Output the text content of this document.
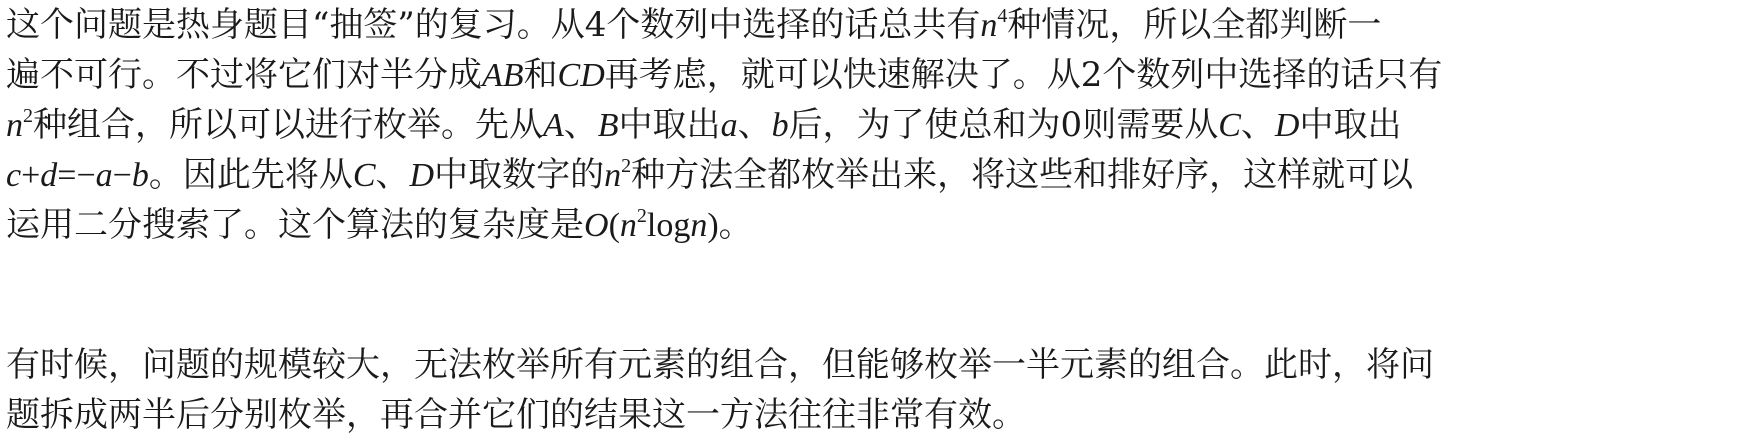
这个问题是热身题目“抽签”的复习。从4个数列中选择的话总共有$n^4$种情况，所以全都判断一
遍不可行。不过将它们对半分成AB和CD再考虑，就可以快速解决了。从2个数列中选择的话只有
$n^2$种组合，所以可以进行枚举。先从A、B中取出a、b后，为了使总和为0则需要从C、D中取出
c+d=−a−b。因此先将从C、D中取数字的$n^2$种方法全都枚举出来，将这些和排好序，这样就可以
运用二分搜索了。这个算法的复杂度是$O(n^2\log n)$。
有时候，问题的规模较大，无法枚举所有元素的组合，但能够枚举一半元素的组合。此时，将问
题拆成两半后分别枚举，再合并它们的结果这一方法往往非常有效。
